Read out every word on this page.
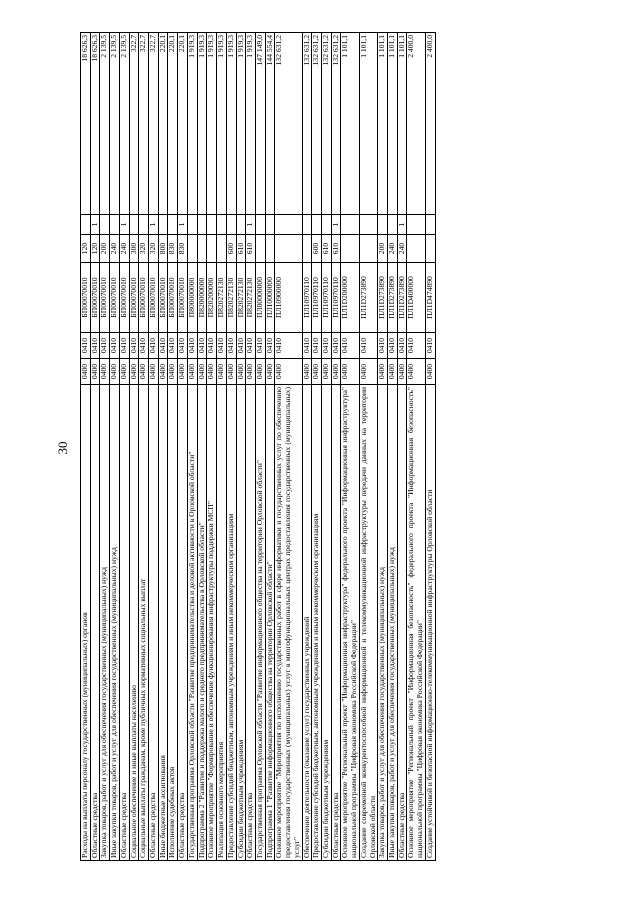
30
Расходы на выплаты персоналу государственных (муниципальных) органов	0400	0410	БП00070010	120		18 626,3
Областные средства	0400	0410	БП00070010	120	1	18 626,3
Закупка товаров, работ и услуг для обеспечения государственных (муниципальных) нужд	0400	0410	БП00070010	200		2 139,5
Иные закупки товаров, работ и услуг для обеспечения государственных (муниципальных) нужд	0400	0410	БП00070010	240		2 139,5
Областные средства	0400	0410	БП00070010	240	1	2 139,5
Социальное обеспечение и иные выплаты населению	0400	0410	БП00070010	300		322,7
Социальные выплаты гражданам, кроме публичных нормативных социальных выплат	0400	0410	БП00070010	320		322,7
Областные средства	0400	0410	БП00070010	320	1	322,7
Иные бюджетные ассигнования	0400	0410	БП00070010	800		220,1
Исполнение судебных актов	0400	0410	БП00070010	830		220,1
Областные средства	0400	0410	БП00070010	830	1	220,1
Государственная программа Орловской области "Развитие предпринимательства и деловой активности в Орловской области"	0400	0410	П800000000			1 919,3
Подпрограмма 2 "Развитие и поддержка малого и среднего предпринимательства в Орловской области"	0400	0410	П820000000			1 919,3
Основное мероприятие "Формирование и обеспечение функционирования инфраструктуры поддержки МСП"	0400	0410	П820200000			1 919,3
Реализация основного мероприятия	0400	0410	П820272130			1 919,3
Предоставление субсидий бюджетным, автономным учреждениям и иным некоммерческим организациям	0400	0410	П820272130	600		1 919,3
Субсидии бюджетным учреждениям	0400	0410	П820272130	610		1 919,3
Областные средства	0400	0410	П820272130	610	1	1 919,3
Государственная программа Орловской области "Развитие информационного общества на территории Орловской области"	0400	0410	ПЛ00000000			147 149,0
Подпрограмма 1 "Развитие информационного общества на территории Орловской области"	0400	0410	ПЛ10000000			144 554,4
Основное мероприятие "Мероприятия по исполнению государственных работ в сфере информатики и государственных услуг по обеспечению предоставления государственных (муниципальных) услуг в многофункциональных центрах предоставления государственных (муниципальных) услуг"	0400	0410	ПЛ10900000			132 631,2
Обеспечение деятельности (оказание услуг) государственных учреждений	0400	0410	ПЛ10970110			132 631,2
Предоставление субсидий бюджетным, автономным учреждениям и иным некоммерческим организациям	0400	0410	ПЛ10970110	600		132 631,2
Субсидии бюджетным учреждениям	0400	0410	ПЛ10970110	610		132 631,2
Областные средства	0400	0410	ПЛ10970110	610	1	132 631,2
Основное мероприятие "Региональный проект "Информационная инфраструктура" федерального проекта "Информационная инфраструктура" национальной программы "Цифровая экономика Российской Федерации"	0400	0410	ПЛ1D200000			1 101,1
Создание современной конкурентоспособной информационной и телекоммуникационной инфраструктуры передачи данных на территории Орловской области	0400	0410	ПЛ1D273890			1 101,1
Закупка товаров, работ и услуг для обеспечения государственных (муниципальных) нужд	0400	0410	ПЛ1D273890	200		1 101,1
Иные закупки товаров, работ и услуг для обеспечения государственных (муниципальных) нужд	0400	0410	ПЛ1D273890	240		1 101,1
Областные средства	0400	0410	ПЛ1D273890	240	1	1 101,1
Основное мероприятие "Региональный проект "Информационная безопасность" федерального проекта "Информационная безопасность" национальной программы "Цифровая экономика Российской Федерации"	0400	0410	ПЛ1D400000			2 400,0
Создание устойчивой и безопасной информационно-телекоммуникационной инфраструктуры Орловской области	0400	0410	ПЛ1D474890			2 400,0
